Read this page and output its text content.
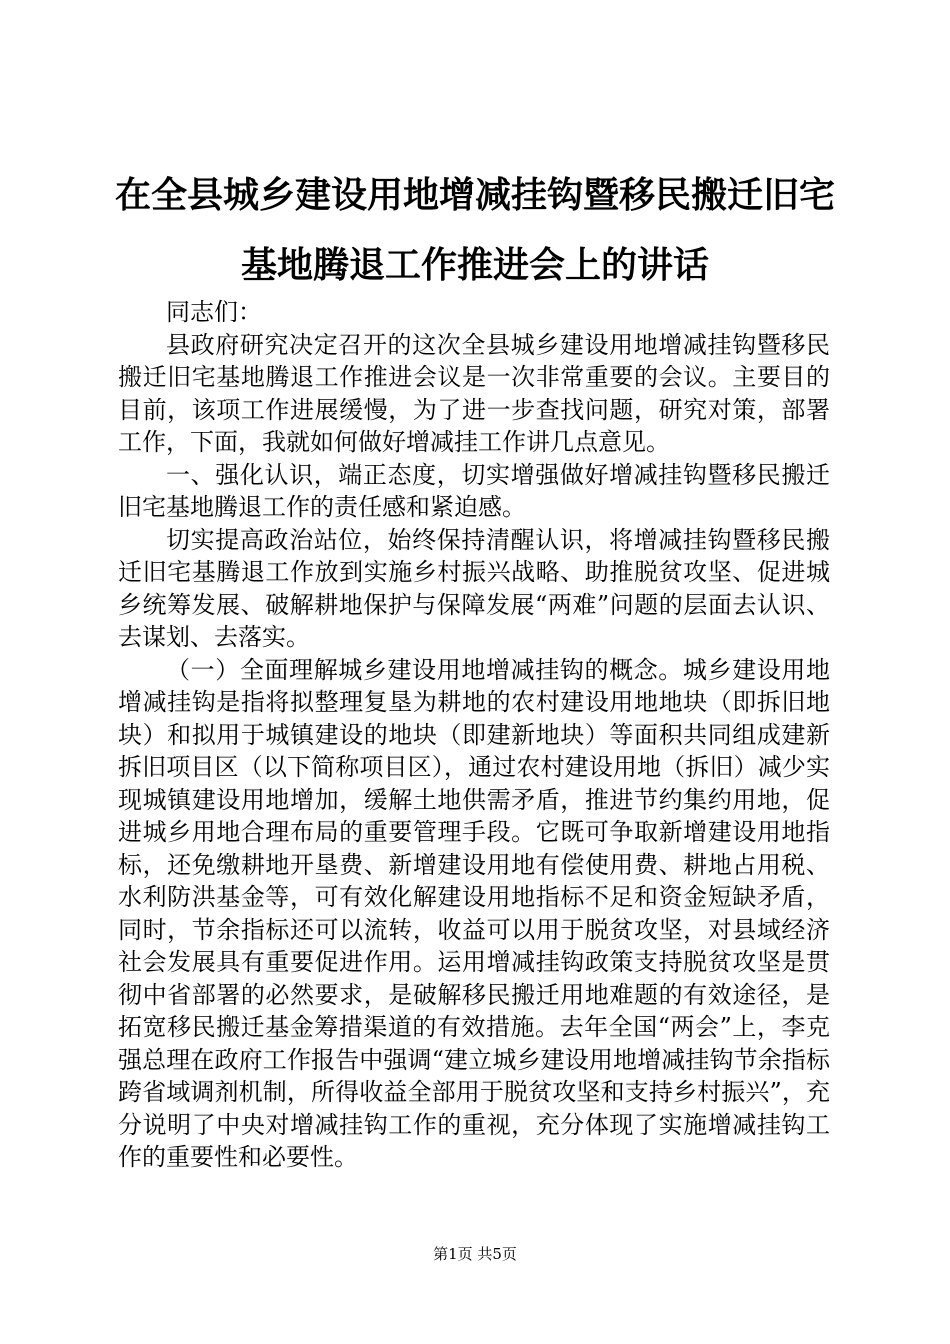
在全县城乡建设用地增减挂钩暨移民搬迁旧宅
基地腾退工作推进会上的讲话

同志们：

县政府研究决定召开的这次全县城乡建设用地增减挂钩暨移民搬迁旧宅基地腾退工作推进会议是一次非常重要的会议。主要目的目前，该项工作进展缓慢，为了进一步查找问题，研究对策，部署工作，下面，我就如何做好增减挂工作讲几点意见。

一、强化认识，端正态度，切实增强做好增减挂钩暨移民搬迁旧宅基地腾退工作的责任感和紧迫感。

切实提高政治站位，始终保持清醒认识，将增减挂钩暨移民搬迁旧宅基腾退工作放到实施乡村振兴战略、助推脱贫攻坚、促进城乡统筹发展、破解耕地保护与保障发展“两难”问题的层面去认识、去谋划、去落实。

（一）全面理解城乡建设用地增减挂钩的概念。城乡建设用地增减挂钩是指将拟整理复垦为耕地的农村建设用地地块（即拆旧地块）和拟用于城镇建设的地块（即建新地块）等面积共同组成建新拆旧项目区（以下简称项目区），通过农村建设用地（拆旧）减少实现城镇建设用地增加，缓解土地供需矛盾，推进节约集约用地，促进城乡用地合理布局的重要管理手段。它既可争取新增建设用地指标，还免缴耕地开垦费、新增建设用地有偿使用费、耕地占用税、水利防洪基金等，可有效化解建设用地指标不足和资金短缺矛盾，同时，节余指标还可以流转，收益可以用于脱贫攻坚，对县域经济社会发展具有重要促进作用。运用增减挂钩政策支持脱贫攻坚是贯彻中省部署的必然要求，是破解移民搬迁用地难题的有效途径，是拓宽移民搬迁基金筹措渠道的有效措施。去年全国“两会”上，李克强总理在政府工作报告中强调“建立城乡建设用地增减挂钩节余指标跨省域调剂机制，所得收益全部用于脱贫攻坚和支持乡村振兴”，充分说明了中央对增减挂钩工作的重视，充分体现了实施增减挂钩工作的重要性和必要性。

第1页 共5页
